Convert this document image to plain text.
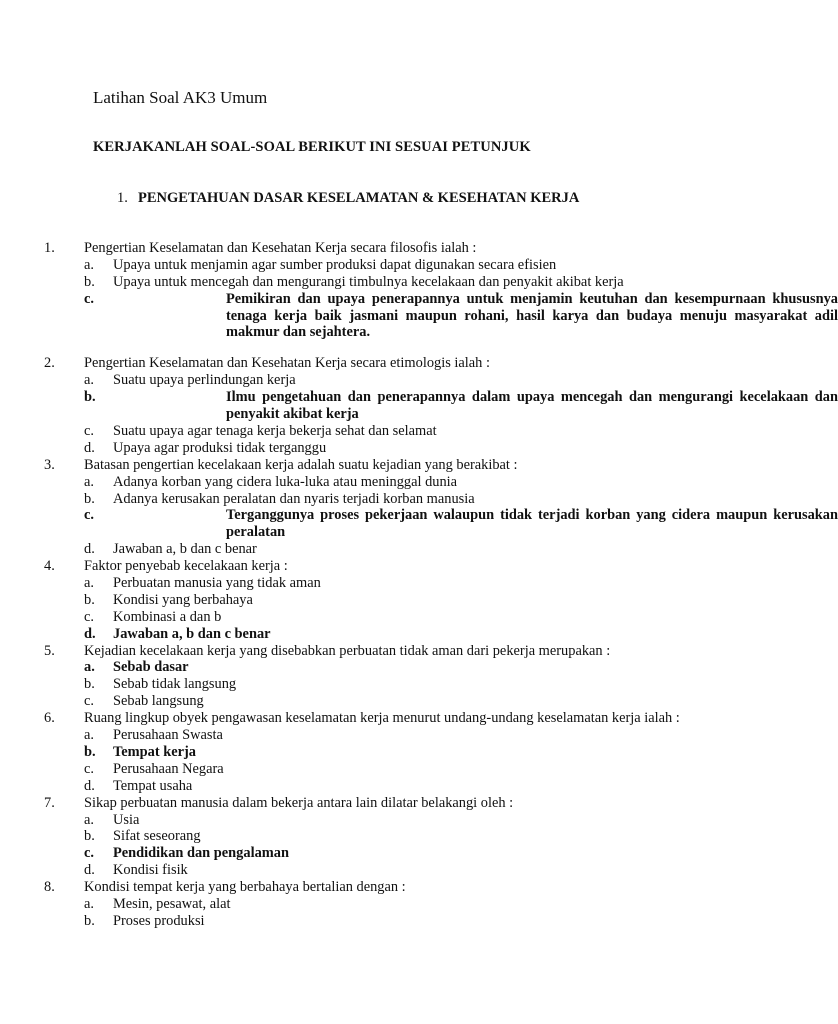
Latihan Soal AK3 Umum
KERJAKANLAH SOAL-SOAL BERIKUT INI SESUAI PETUNJUK
1. PENGETAHUAN DASAR KESELAMATAN & KESEHATAN KERJA
1. Pengertian Keselamatan dan Kesehatan Kerja secara filosofis ialah :
a. Upaya untuk menjamin agar sumber produksi dapat digunakan secara efisien
b. Upaya untuk mencegah dan mengurangi timbulnya kecelakaan dan penyakit akibat kerja
c.	Pemikiran dan upaya penerapannya untuk menjamin keutuhan dan kesempurnaan khususnya tenaga kerja baik jasmani maupun rohani, hasil karya dan budaya menuju masyarakat adil makmur dan sejahtera.
2. Pengertian Keselamatan dan Kesehatan Kerja secara etimologis ialah :
a. Suatu upaya perlindungan kerja
b.	Ilmu pengetahuan dan penerapannya dalam upaya mencegah dan mengurangi kecelakaan dan penyakit akibat kerja
c. Suatu upaya agar tenaga kerja bekerja sehat dan selamat
d. Upaya agar produksi tidak terganggu
3. Batasan pengertian kecelakaan kerja adalah suatu kejadian yang berakibat :
a. Adanya korban yang cidera luka-luka atau meninggal dunia
b. Adanya kerusakan peralatan dan nyaris terjadi korban manusia
c.	Terganggunya proses pekerjaan walaupun tidak terjadi korban yang cidera maupun kerusakan peralatan
d. Jawaban a, b dan c benar
4. Faktor penyebab kecelakaan kerja :
a. Perbuatan manusia yang tidak aman
b. Kondisi yang berbahaya
c. Kombinasi a dan b
d. Jawaban a, b dan c benar
5. Kejadian kecelakaan kerja yang disebabkan perbuatan tidak aman dari pekerja merupakan :
a. Sebab dasar
b. Sebab tidak langsung
c. Sebab langsung
6. Ruang lingkup obyek pengawasan keselamatan kerja menurut undang-undang keselamatan kerja ialah :
a. Perusahaan Swasta
b. Tempat kerja
c. Perusahaan Negara
d. Tempat usaha
7. Sikap perbuatan manusia dalam bekerja antara lain dilatar belakangi oleh :
a. Usia
b. Sifat seseorang
c. Pendidikan dan pengalaman
d. Kondisi fisik
8. Kondisi tempat kerja yang berbahaya bertalian dengan :
a. Mesin, pesawat, alat
b. Proses produksi
